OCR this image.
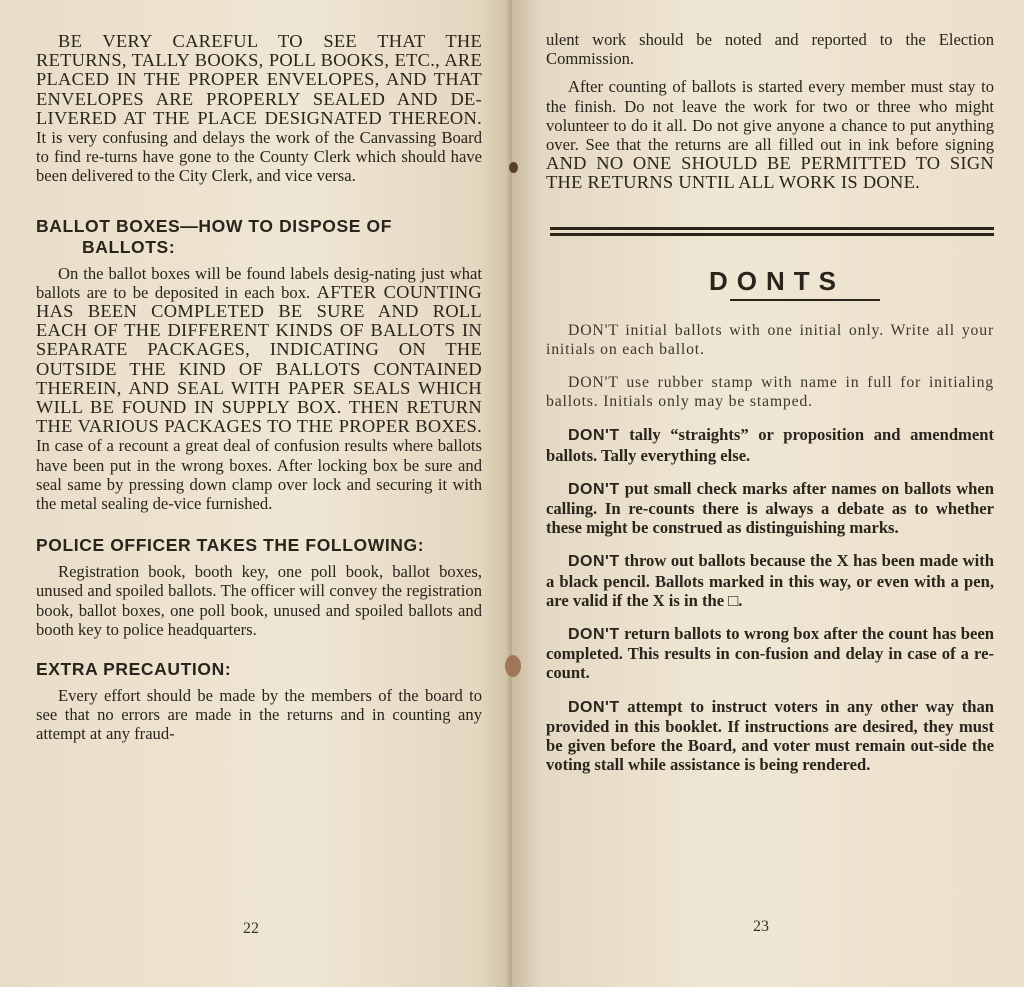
BE VERY CAREFUL TO SEE THAT THE RETURNS, TALLY BOOKS, POLL BOOKS, ETC., ARE PLACED IN THE PROPER ENVELOPES, AND THAT ENVELOPES ARE PROPERLY SEALED AND DE-LIVERED AT THE PLACE DESIGNATED THEREON. It is very confusing and delays the work of the Canvassing Board to find re-turns have gone to the County Clerk which should have been delivered to the City Clerk, and vice versa.

BALLOT BOXES—HOW TO DISPOSE OF
BALLOTS:

On the ballot boxes will be found labels desig-nating just what ballots are to be deposited in each box. AFTER COUNTING HAS BEEN COMPLETED BE SURE AND ROLL EACH OF THE DIFFERENT KINDS OF BALLOTS IN SEPARATE PACKAGES, INDICATING ON THE OUTSIDE THE KIND OF BALLOTS CONTAINED THEREIN, AND SEAL WITH PAPER SEALS WHICH WILL BE FOUND IN SUPPLY BOX. THEN RETURN THE VARIOUS PACKAGES TO THE PROPER BOXES. In case of a recount a great deal of confusion results where ballots have been put in the wrong boxes. After locking box be sure and seal same by pressing down clamp over lock and securing it with the metal sealing de-vice furnished.

POLICE OFFICER TAKES THE FOLLOWING:

Registration book, booth key, one poll book, ballot boxes, unused and spoiled ballots. The officer will convey the registration book, ballot boxes, one poll book, unused and spoiled ballots and booth key to police headquarters.

EXTRA PRECAUTION:

Every effort should be made by the members of the board to see that no errors are made in the returns and in counting any attempt at any fraud-

22

ulent work should be noted and reported to the Election Commission.

After counting of ballots is started every member must stay to the finish. Do not leave the work for two or three who might volunteer to do it all. Do not give anyone a chance to put anything over. See that the returns are all filled out in ink before signing AND NO ONE SHOULD BE PERMITTED TO SIGN THE RETURNS UNTIL ALL WORK IS DONE.

DONTS

DON'T initial ballots with one initial only. Write all your initials on each ballot.

DON'T use rubber stamp with name in full for initialing ballots. Initials only may be stamped.

DON'T tally “straights” or proposition and amendment ballots. Tally everything else.

DON'T put small check marks after names on ballots when calling. In re-counts there is always a debate as to whether these might be construed as distinguishing marks.

DON'T throw out ballots because the X has been made with a black pencil. Ballots marked in this way, or even with a pen, are valid if the X is in the □.

DON'T return ballots to wrong box after the count has been completed. This results in con-fusion and delay in case of a re-count.

DON'T attempt to instruct voters in any other way than provided in this booklet. If instructions are desired, they must be given before the Board, and voter must remain out-side the voting stall while assistance is being rendered.

23
